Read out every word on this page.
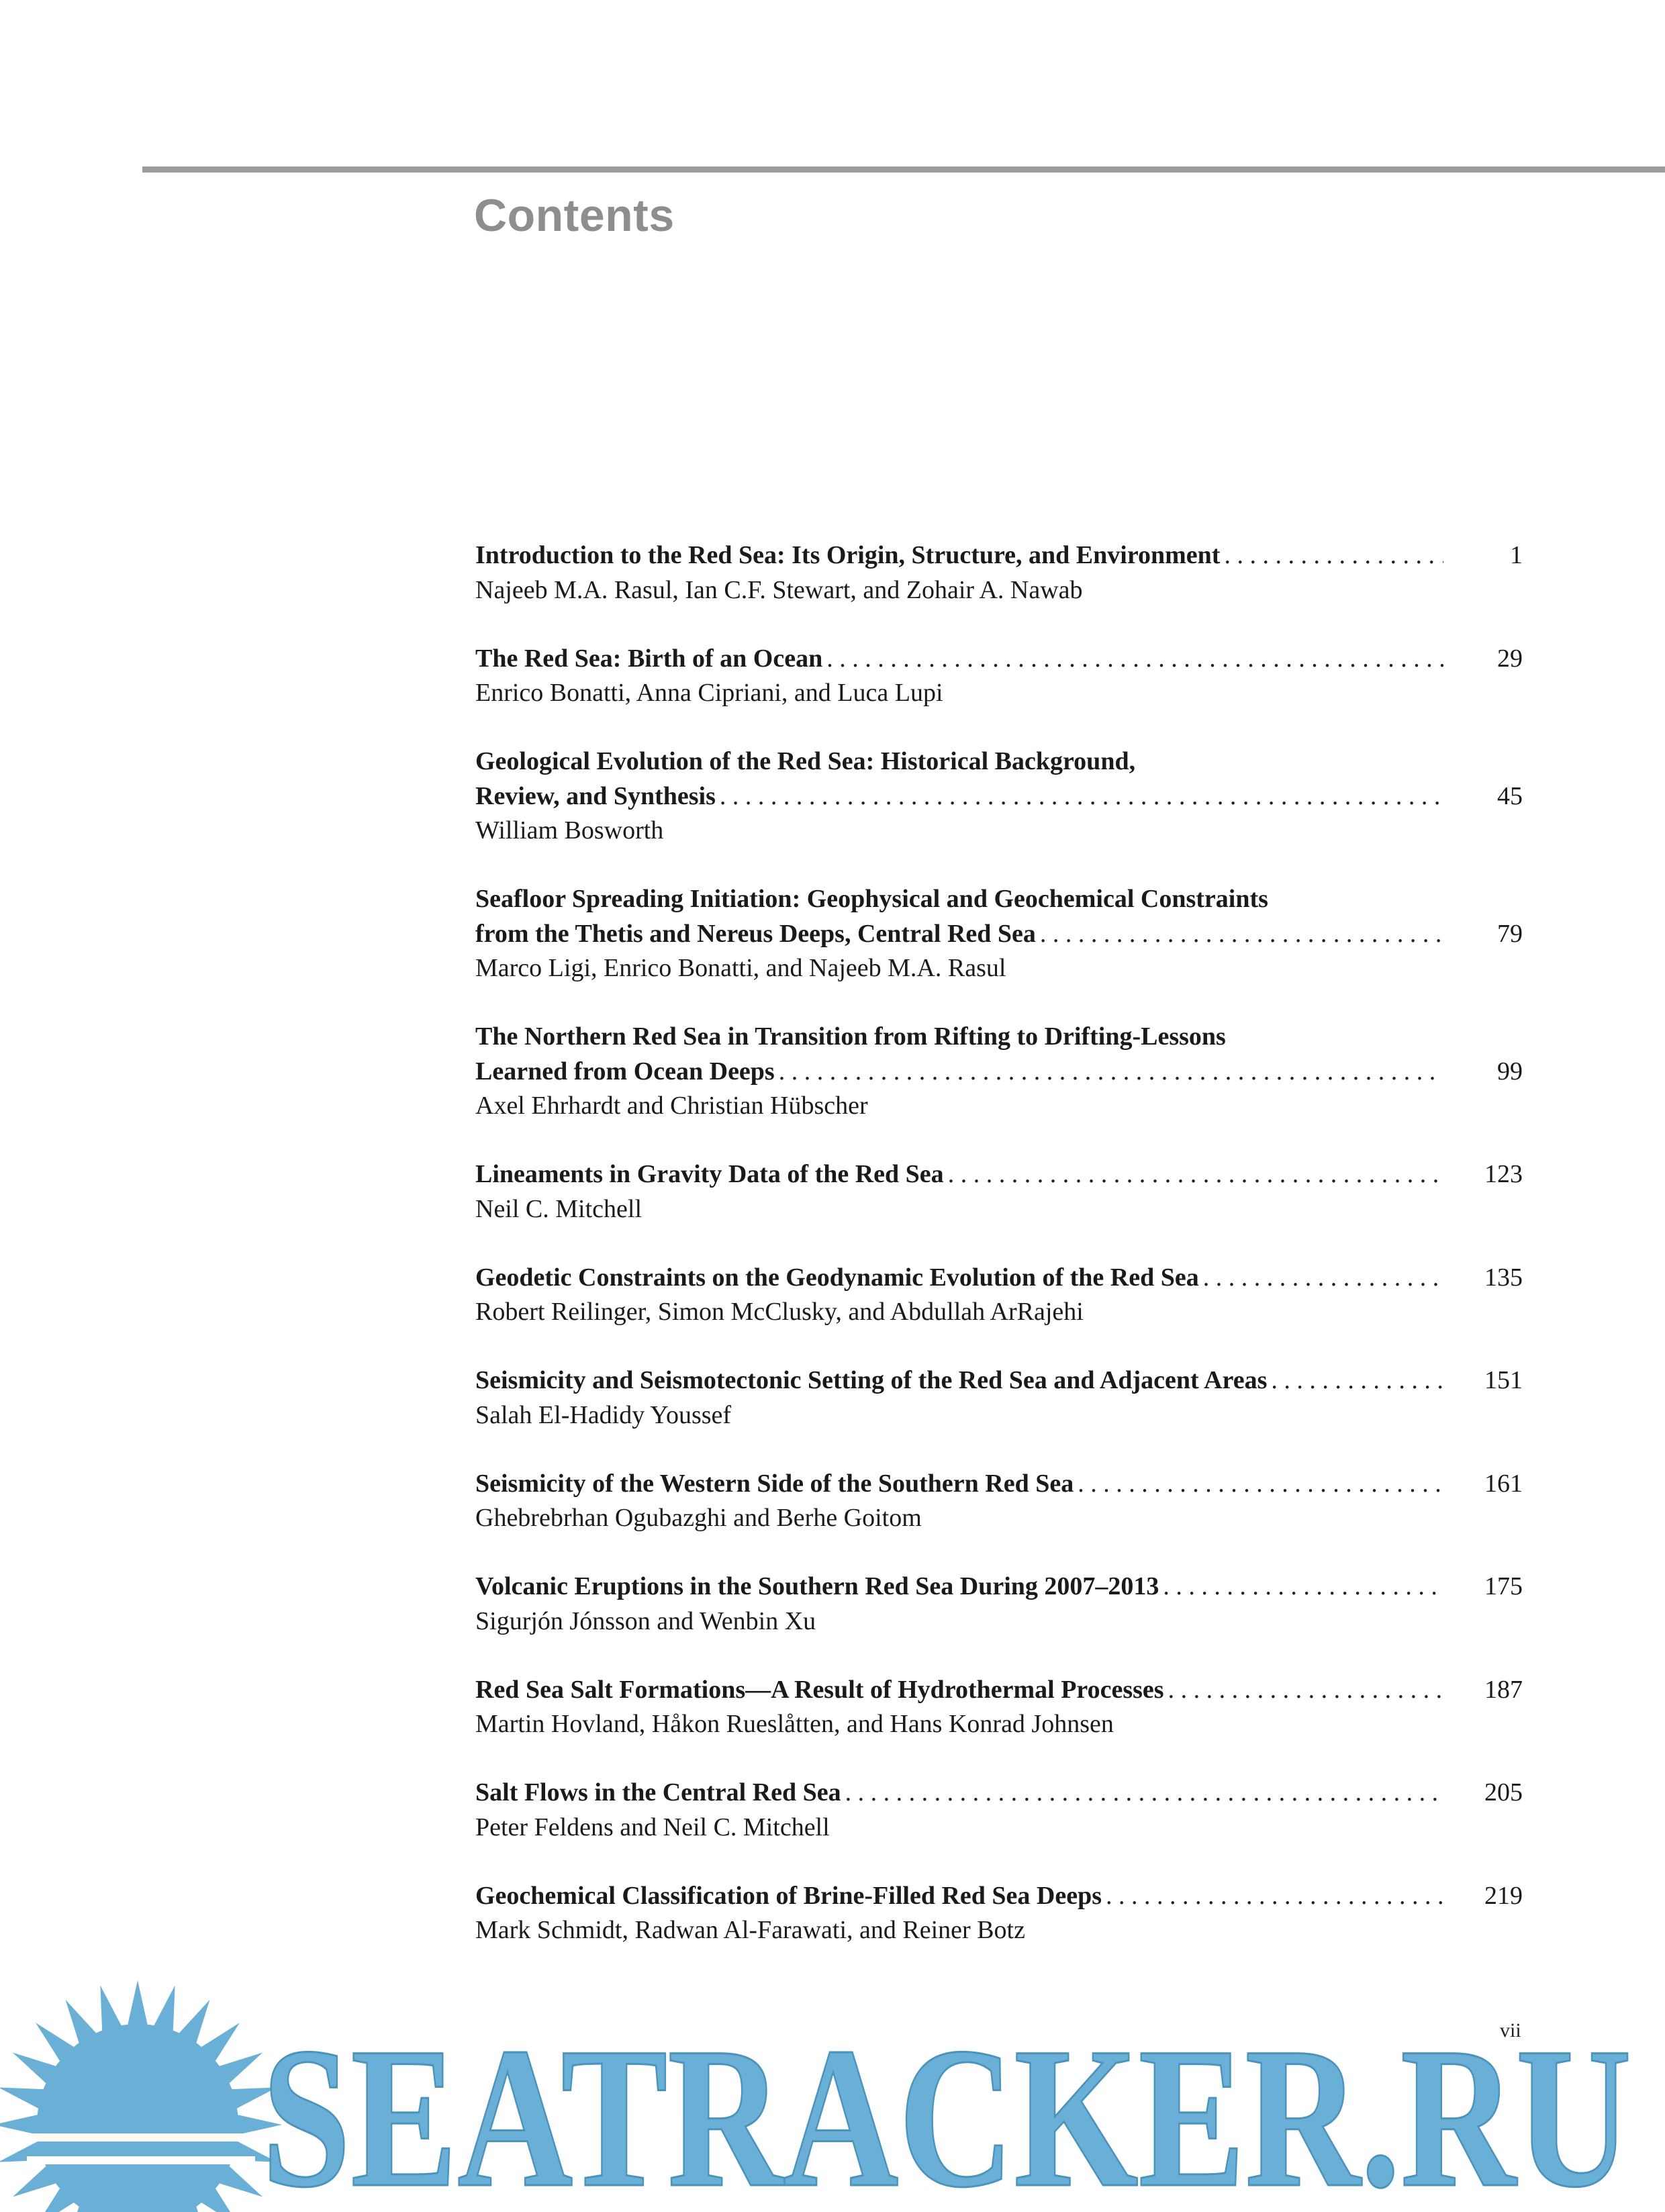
Contents
Introduction to the Red Sea: Its Origin, Structure, and Environment . . .	1
Najeeb M.A. Rasul, Ian C.F. Stewart, and Zohair A. Nawab
The Red Sea: Birth of an Ocean . . .	29
Enrico Bonatti, Anna Cipriani, and Luca Lupi
Geological Evolution of the Red Sea: Historical Background,
Review, and Synthesis . . .	45
William Bosworth
Seafloor Spreading Initiation: Geophysical and Geochemical Constraints
from the Thetis and Nereus Deeps, Central Red Sea . . .	79
Marco Ligi, Enrico Bonatti, and Najeeb M.A. Rasul
The Northern Red Sea in Transition from Rifting to Drifting-Lessons
Learned from Ocean Deeps . . .	99
Axel Ehrhardt and Christian Hübscher
Lineaments in Gravity Data of the Red Sea . . .	123
Neil C. Mitchell
Geodetic Constraints on the Geodynamic Evolution of the Red Sea . . .	135
Robert Reilinger, Simon McClusky, and Abdullah ArRajehi
Seismicity and Seismotectonic Setting of the Red Sea and Adjacent Areas . . .	151
Salah El-Hadidy Youssef
Seismicity of the Western Side of the Southern Red Sea . . .	161
Ghebrebrhan Ogubazghi and Berhe Goitom
Volcanic Eruptions in the Southern Red Sea During 2007–2013 . . .	175
Sigurjón Jónsson and Wenbin Xu
Red Sea Salt Formations—A Result of Hydrothermal Processes . . .	187
Martin Hovland, Håkon Rueslåtten, and Hans Konrad Johnsen
Salt Flows in the Central Red Sea . . .	205
Peter Feldens and Neil C. Mitchell
Geochemical Classification of Brine-Filled Red Sea Deeps . . .	219
Mark Schmidt, Radwan Al-Farawati, and Reiner Botz
vii
SEATRACKER.RU
